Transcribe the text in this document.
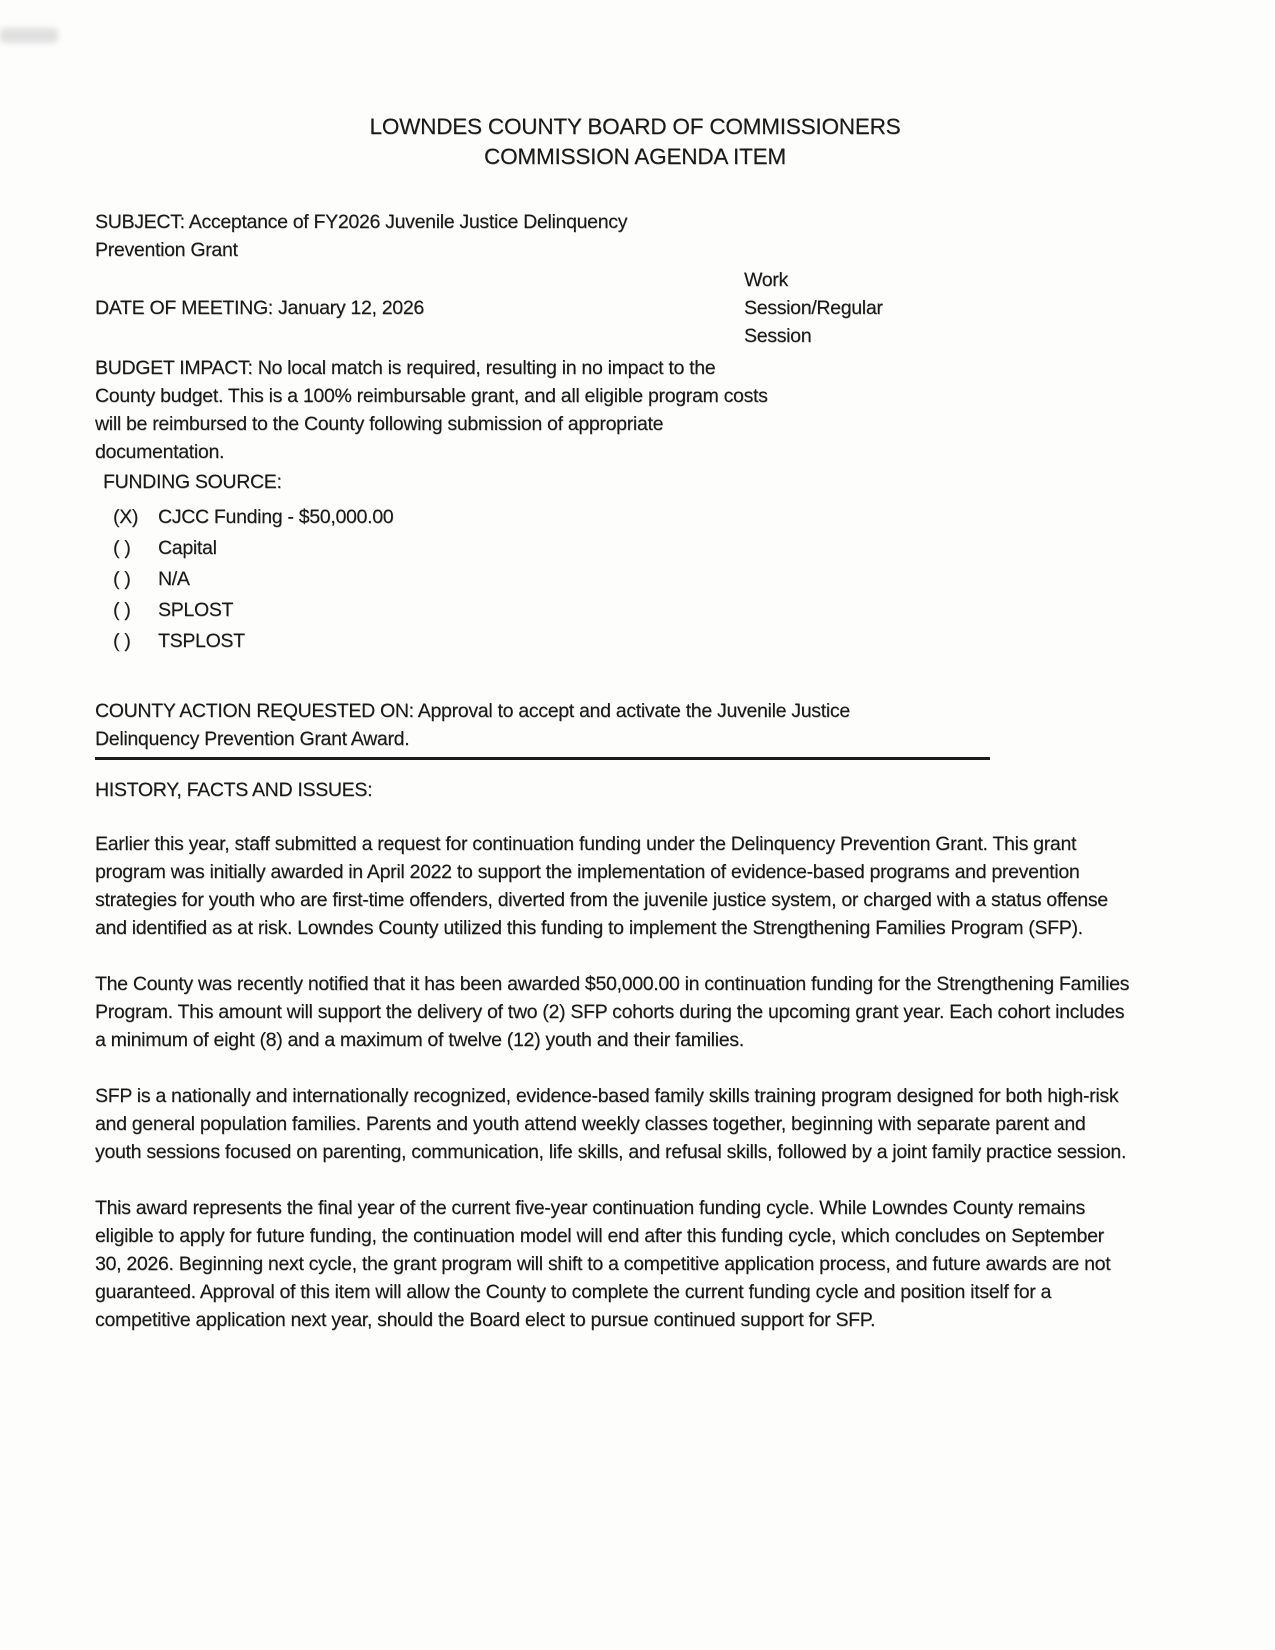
LOWNDES COUNTY BOARD OF COMMISSIONERS
COMMISSION AGENDA ITEM
SUBJECT: Acceptance of FY2026 Juvenile Justice Delinquency Prevention Grant
DATE OF MEETING: January 12, 2026
Work Session/Regular Session
BUDGET IMPACT: No local match is required, resulting in no impact to the County budget. This is a 100% reimbursable grant, and all eligible program costs will be reimbursed to the County following submission of appropriate documentation.
FUNDING SOURCE:
(X)	CJCC Funding - $50,000.00
( )	Capital
( )	N/A
( )	SPLOST
( )	TSPLOST
COUNTY ACTION REQUESTED ON: Approval to accept and activate the Juvenile Justice Delinquency Prevention Grant Award.
HISTORY, FACTS AND ISSUES:

Earlier this year, staff submitted a request for continuation funding under the Delinquency Prevention Grant. This grant program was initially awarded in April 2022 to support the implementation of evidence-based programs and prevention strategies for youth who are first-time offenders, diverted from the juvenile justice system, or charged with a status offense and identified as at risk. Lowndes County utilized this funding to implement the Strengthening Families Program (SFP).

The County was recently notified that it has been awarded $50,000.00 in continuation funding for the Strengthening Families Program. This amount will support the delivery of two (2) SFP cohorts during the upcoming grant year. Each cohort includes a minimum of eight (8) and a maximum of twelve (12) youth and their families.

SFP is a nationally and internationally recognized, evidence-based family skills training program designed for both high-risk and general population families. Parents and youth attend weekly classes together, beginning with separate parent and youth sessions focused on parenting, communication, life skills, and refusal skills, followed by a joint family practice session.

This award represents the final year of the current five-year continuation funding cycle. While Lowndes County remains eligible to apply for future funding, the continuation model will end after this funding cycle, which concludes on September 30, 2026. Beginning next cycle, the grant program will shift to a competitive application process, and future awards are not guaranteed. Approval of this item will allow the County to complete the current funding cycle and position itself for a competitive application next year, should the Board elect to pursue continued support for SFP.
